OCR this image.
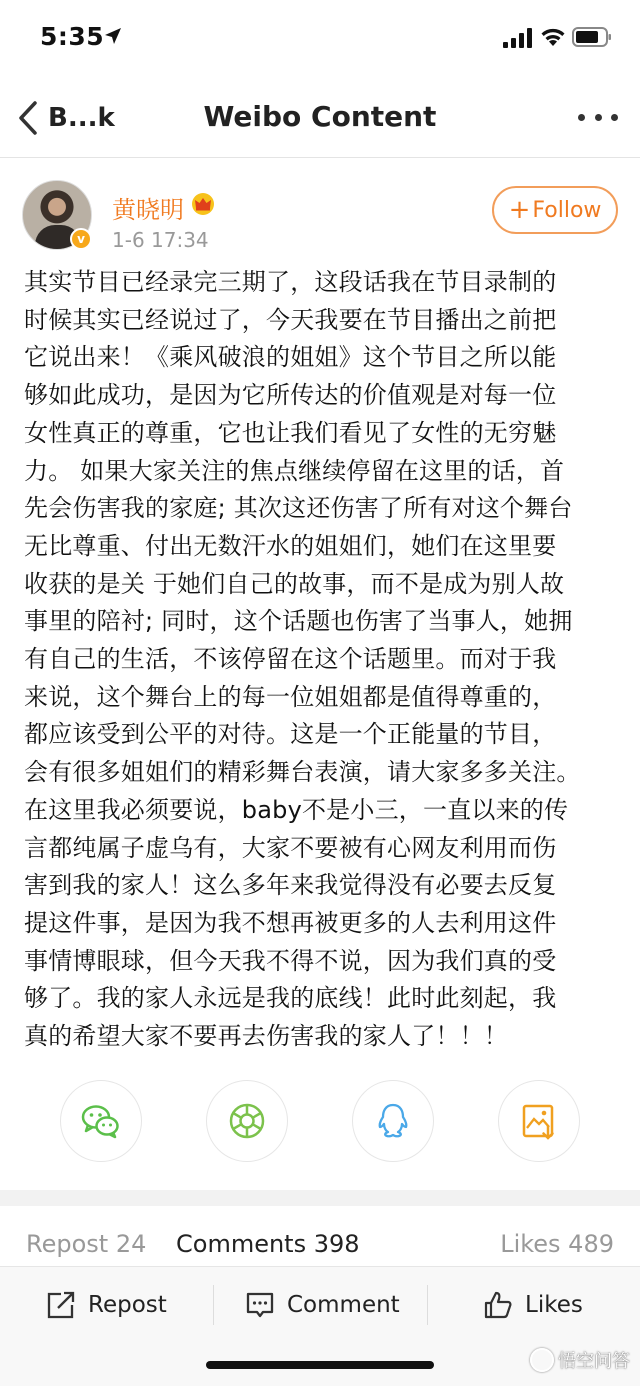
5:35
B...k	Weibo Content
v
黄晓明
1-6 17:34
+ Follow

其实节目已经录完三期了，这段话我在节目录制的

时候其实已经说过了，今天我要在节目播出之前把

它说出来！《乘风破浪的姐姐》这个节目之所以能

够如此成功，是因为它所传达的价值观是对每一位

女性真正的尊重，它也让我们看见了女性的无穷魅

力。 如果大家关注的焦点继续停留在这里的话，首

先会伤害我的家庭; 其次这还伤害了所有对这个舞台

无比尊重、付出无数汗水的姐姐们，她们在这里要

收获的是关 于她们自己的故事，而不是成为别人故

事里的陪衬; 同时，这个话题也伤害了当事人，她拥

有自己的生活，不该停留在这个话题里。而对于我

来说，这个舞台上的每一位姐姐都是值得尊重的，

都应该受到公平的对待。这是一个正能量的节目，

会有很多姐姐们的精彩舞台表演，请大家多多关注。

在这里我必须要说，baby不是小三，一直以来的传

言都纯属子虚乌有，大家不要被有心网友利用而伤

害到我的家人！这么多年来我觉得没有必要去反复

提这件事，是因为我不想再被更多的人去利用这件

事情博眼球，但今天我不得不说，因为我们真的受

够了。我的家人永远是我的底线！此时此刻起，我

真的希望大家不要再去伤害我的家人了！！！

Repost 24 Comments 398	Likes 489
Repost	Comment	Likes
悟空问答
